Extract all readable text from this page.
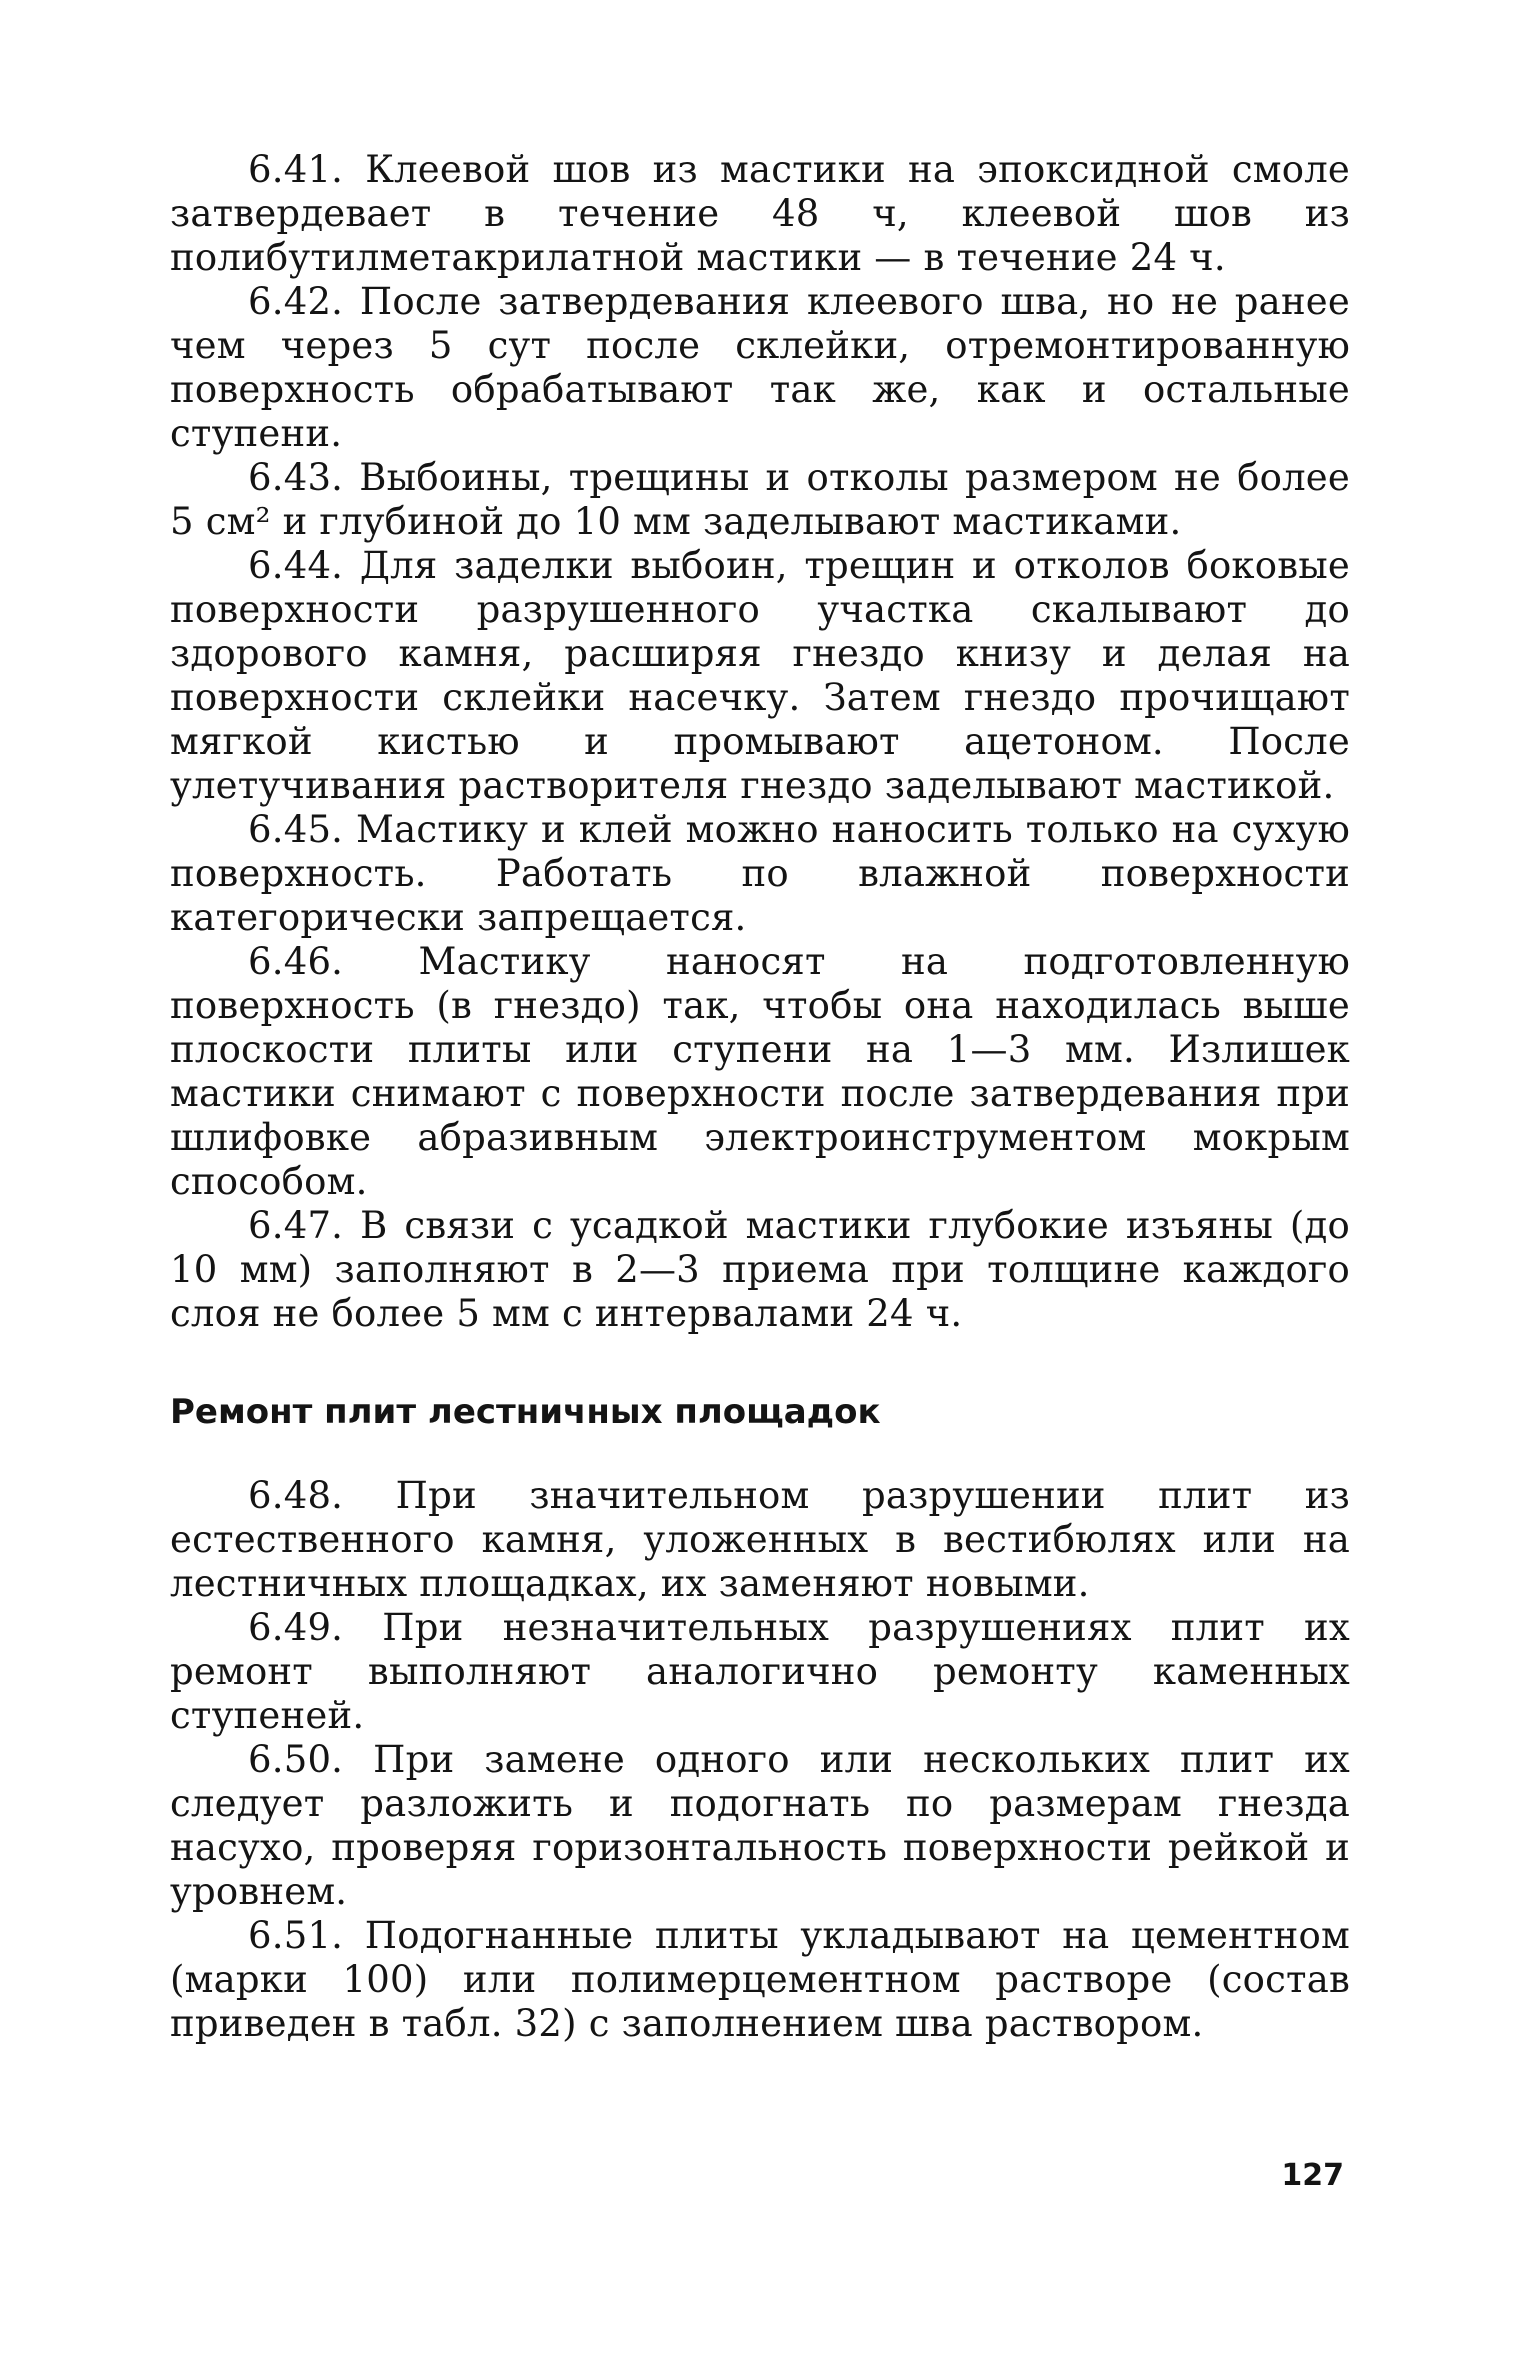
6.41. Клеевой шов из мастики на эпоксидной смоле затвердевает в течение 48 ч, клеевой шов из полибутилметакрилатной мастики — в течение 24 ч.

6.42. После затвердевания клеевого шва, но не ранее чем через 5 сут после склейки, отремонтированную поверхность обрабатывают так же, как и остальные ступени.

6.43. Выбоины, трещины и отколы размером не более 5 см² и глубиной до 10 мм заделывают мастиками.

6.44. Для заделки выбоин, трещин и отколов боковые поверхности разрушенного участка скалывают до здорового камня, расширяя гнездо книзу и делая на поверхности склейки насечку. Затем гнездо прочищают мягкой кистью и промывают ацетоном. После улетучивания растворителя гнездо заделывают мастикой.

6.45. Мастику и клей можно наносить только на сухую поверхность. Работать по влажной поверхности категорически запрещается.

6.46. Мастику наносят на подготовленную поверхность (в гнездо) так, чтобы она находилась выше плоскости плиты или ступени на 1—3 мм. Излишек мастики снимают с поверхности после затвердевания при шлифовке абразивным электроинструментом мокрым способом.

6.47. В связи с усадкой мастики глубокие изъяны (до 10 мм) заполняют в 2—3 приема при толщине каждого слоя не более 5 мм с интервалами 24 ч.

Ремонт плит лестничных площадок

6.48. При значительном разрушении плит из естественного камня, уложенных в вестибюлях или на лестничных площадках, их заменяют новыми.

6.49. При незначительных разрушениях плит их ремонт выполняют аналогично ремонту каменных ступеней.

6.50. При замене одного или нескольких плит их следует разложить и подогнать по размерам гнезда насухо, проверяя горизонтальность поверхности рейкой и уровнем.

6.51. Подогнанные плиты укладывают на цементном (марки 100) или полимерцементном растворе (состав приведен в табл. 32) с заполнением шва раствором.

127
